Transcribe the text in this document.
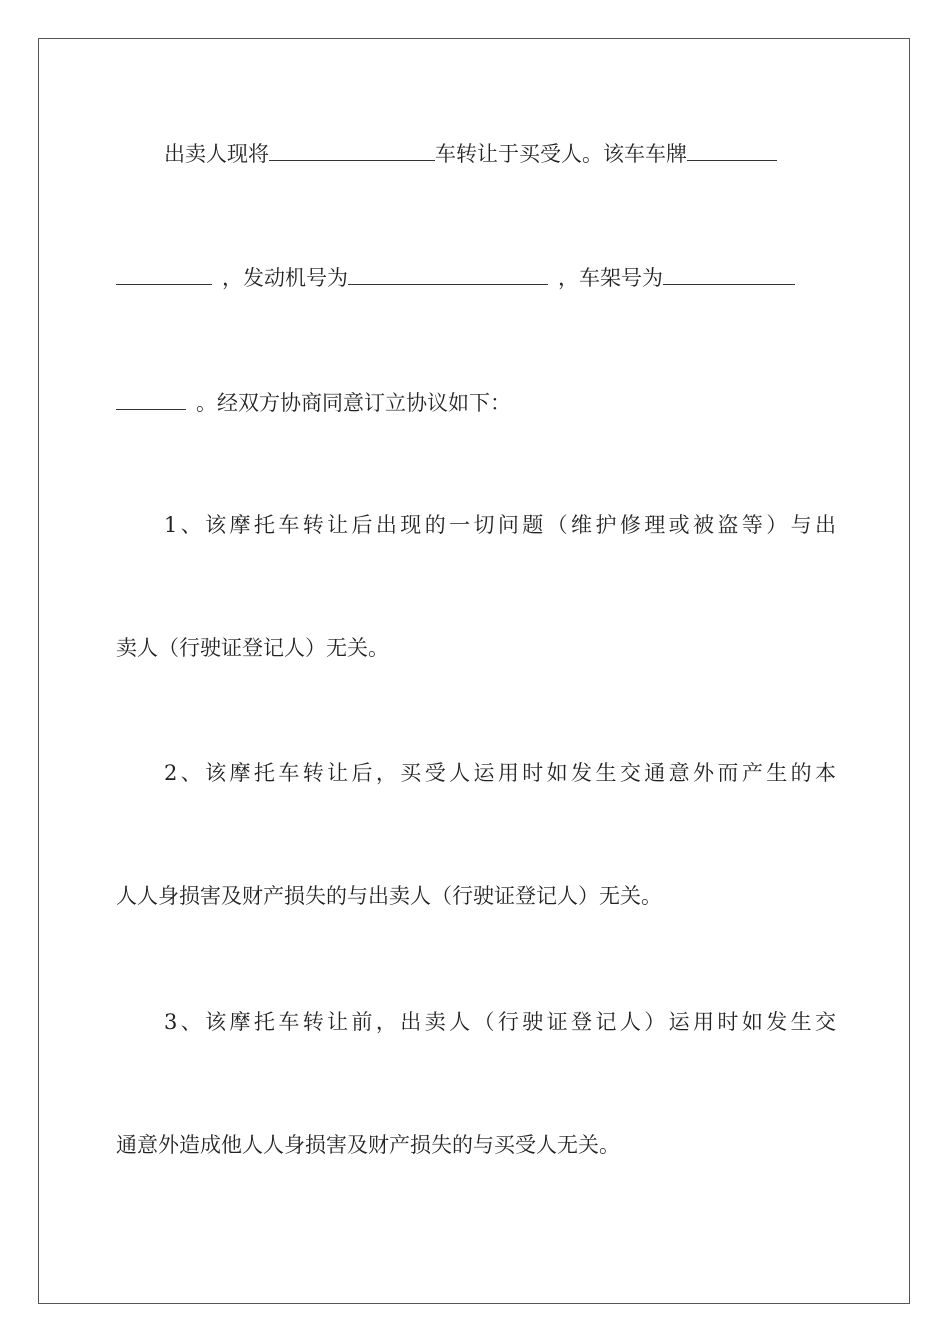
出卖人现将	车转让于买受人。该车车牌
，发动机号为	，车架号为
。经双方协商同意订立协议如下：
1、该摩托车转让后出现的一切问题（维护修理或被盗等）与出
卖人（行驶证登记人）无关。
2、该摩托车转让后，买受人运用时如发生交通意外而产生的本
人人身损害及财产损失的与出卖人（行驶证登记人）无关。
3、该摩托车转让前，出卖人（行驶证登记人）运用时如发生交
通意外造成他人人身损害及财产损失的与买受人无关。
